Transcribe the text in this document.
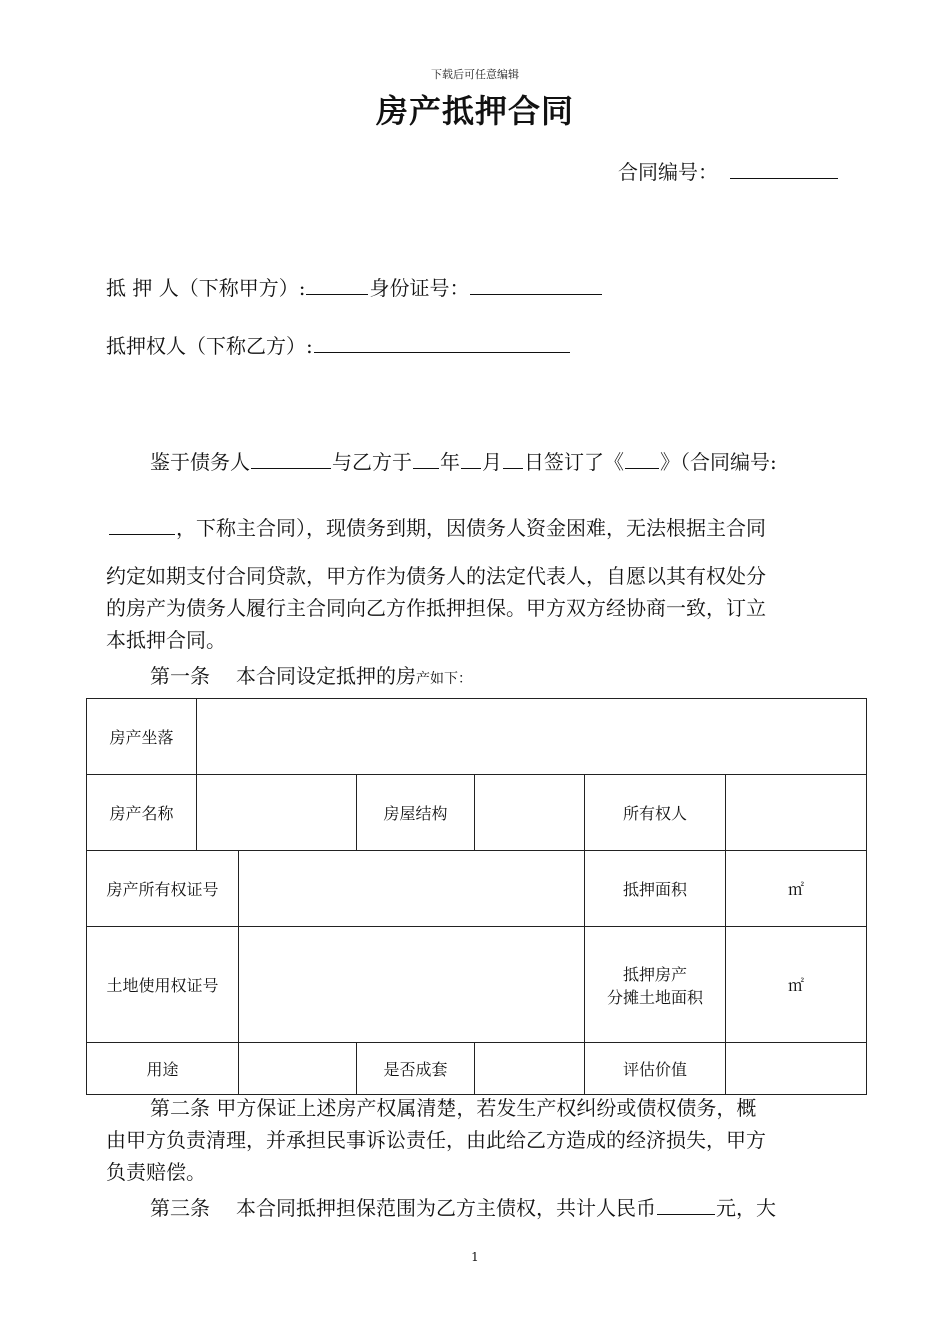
下载后可任意编辑
房产抵押合同
合同编号：
抵 押 人（下称甲方）:	身份证号：
抵押权人（下称乙方）:
鉴于债务人	与乙方于 年 月 日签订了《 》（合同编号:
，下称主合同），现债务到期，因债务人资金困难，无法根据主合同
约定如期支付合同贷款，甲方作为债务人的法定代表人，自愿以其有权处分
的房产为债务人履行主合同向乙方作抵押担保。甲方双方经协商一致，订立
本抵押合同。
第一条 本合同设定抵押的房产如下：
房产坐落						
房产名称			房屋结构		所有权人	
房产所有权证号					抵押面积	㎡
土地使用权证号					抵押房产
分摊土地面积	㎡
用途			是否成套		评估价值	
第二条 甲方保证上述房产权属清楚，若发生产权纠纷或债权债务，概
由甲方负责清理，并承担民事诉讼责任，由此给乙方造成的经济损失，甲方
负责赔偿。
第三条 本合同抵押担保范围为乙方主债权，共计人民币	元，大
1
